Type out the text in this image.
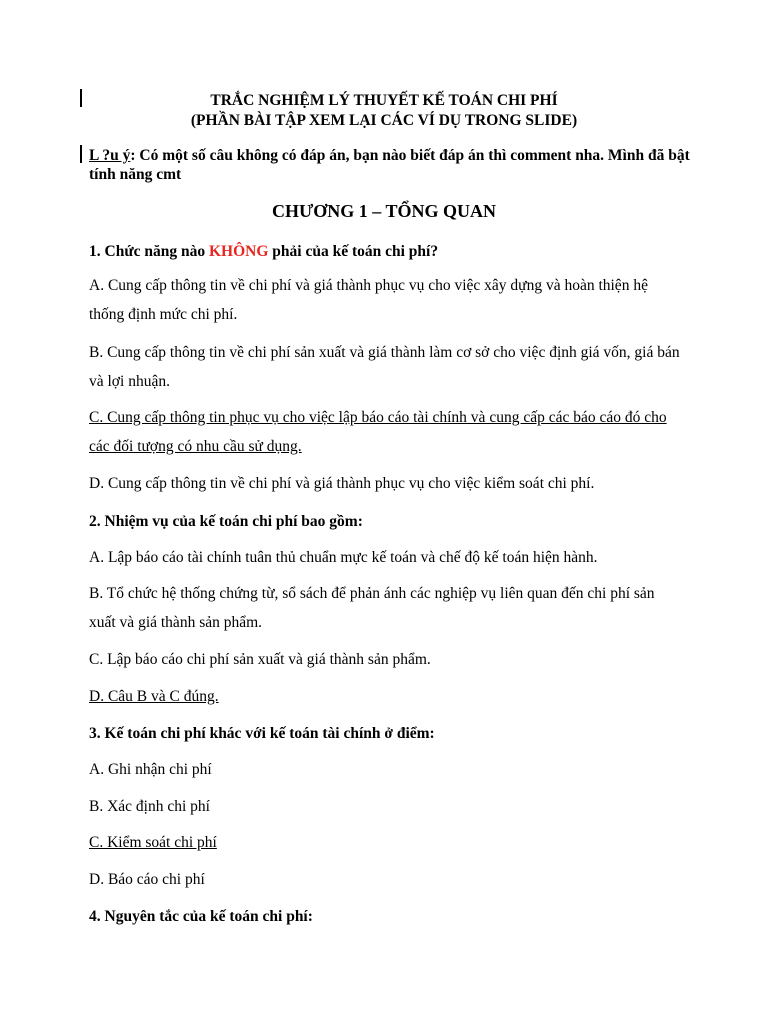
TRẮC NGHIỆM LÝ THUYẾT KẾ TOÁN CHI PHÍ
(PHẦN BÀI TẬP XEM LẠI CÁC VÍ DỤ TRONG SLIDE)
L ?u ý: Có một số câu không có đáp án, bạn nào biết đáp án thì comment nha. Mình đã bật tính năng cmt
CHƯƠNG 1 – TỔNG QUAN
1. Chức năng nào KHÔNG phải của kế toán chi phí?
A. Cung cấp thông tin về chi phí và giá thành phục vụ cho việc xây dựng và hoàn thiện hệ
thống định mức chi phí.
B. Cung cấp thông tin về chi phí sản xuất và giá thành làm cơ sở cho việc định giá vốn, giá bán
và lợi nhuận.
C. Cung cấp thông tin phục vụ cho việc lập báo cáo tài chính và cung cấp các báo cáo đó cho
các đối tượng có nhu cầu sử dụng.
D. Cung cấp thông tin về chi phí và giá thành phục vụ cho việc kiểm soát chi phí.
2. Nhiệm vụ của kế toán chi phí bao gồm:
A. Lập báo cáo tài chính tuân thủ chuẩn mực kế toán và chế độ kế toán hiện hành.
B. Tổ chức hệ thống chứng từ, sổ sách để phản ánh các nghiệp vụ liên quan đến chi phí sản
xuất và giá thành sản phẩm.
C. Lập báo cáo chi phí sản xuất và giá thành sản phẩm.
D. Câu B và C đúng.
3. Kế toán chi phí khác với kế toán tài chính ở điểm:
A. Ghi nhận chi phí
B. Xác định chi phí
C. Kiểm soát chi phí
D. Báo cáo chi phí
4. Nguyên tắc của kế toán chi phí:
